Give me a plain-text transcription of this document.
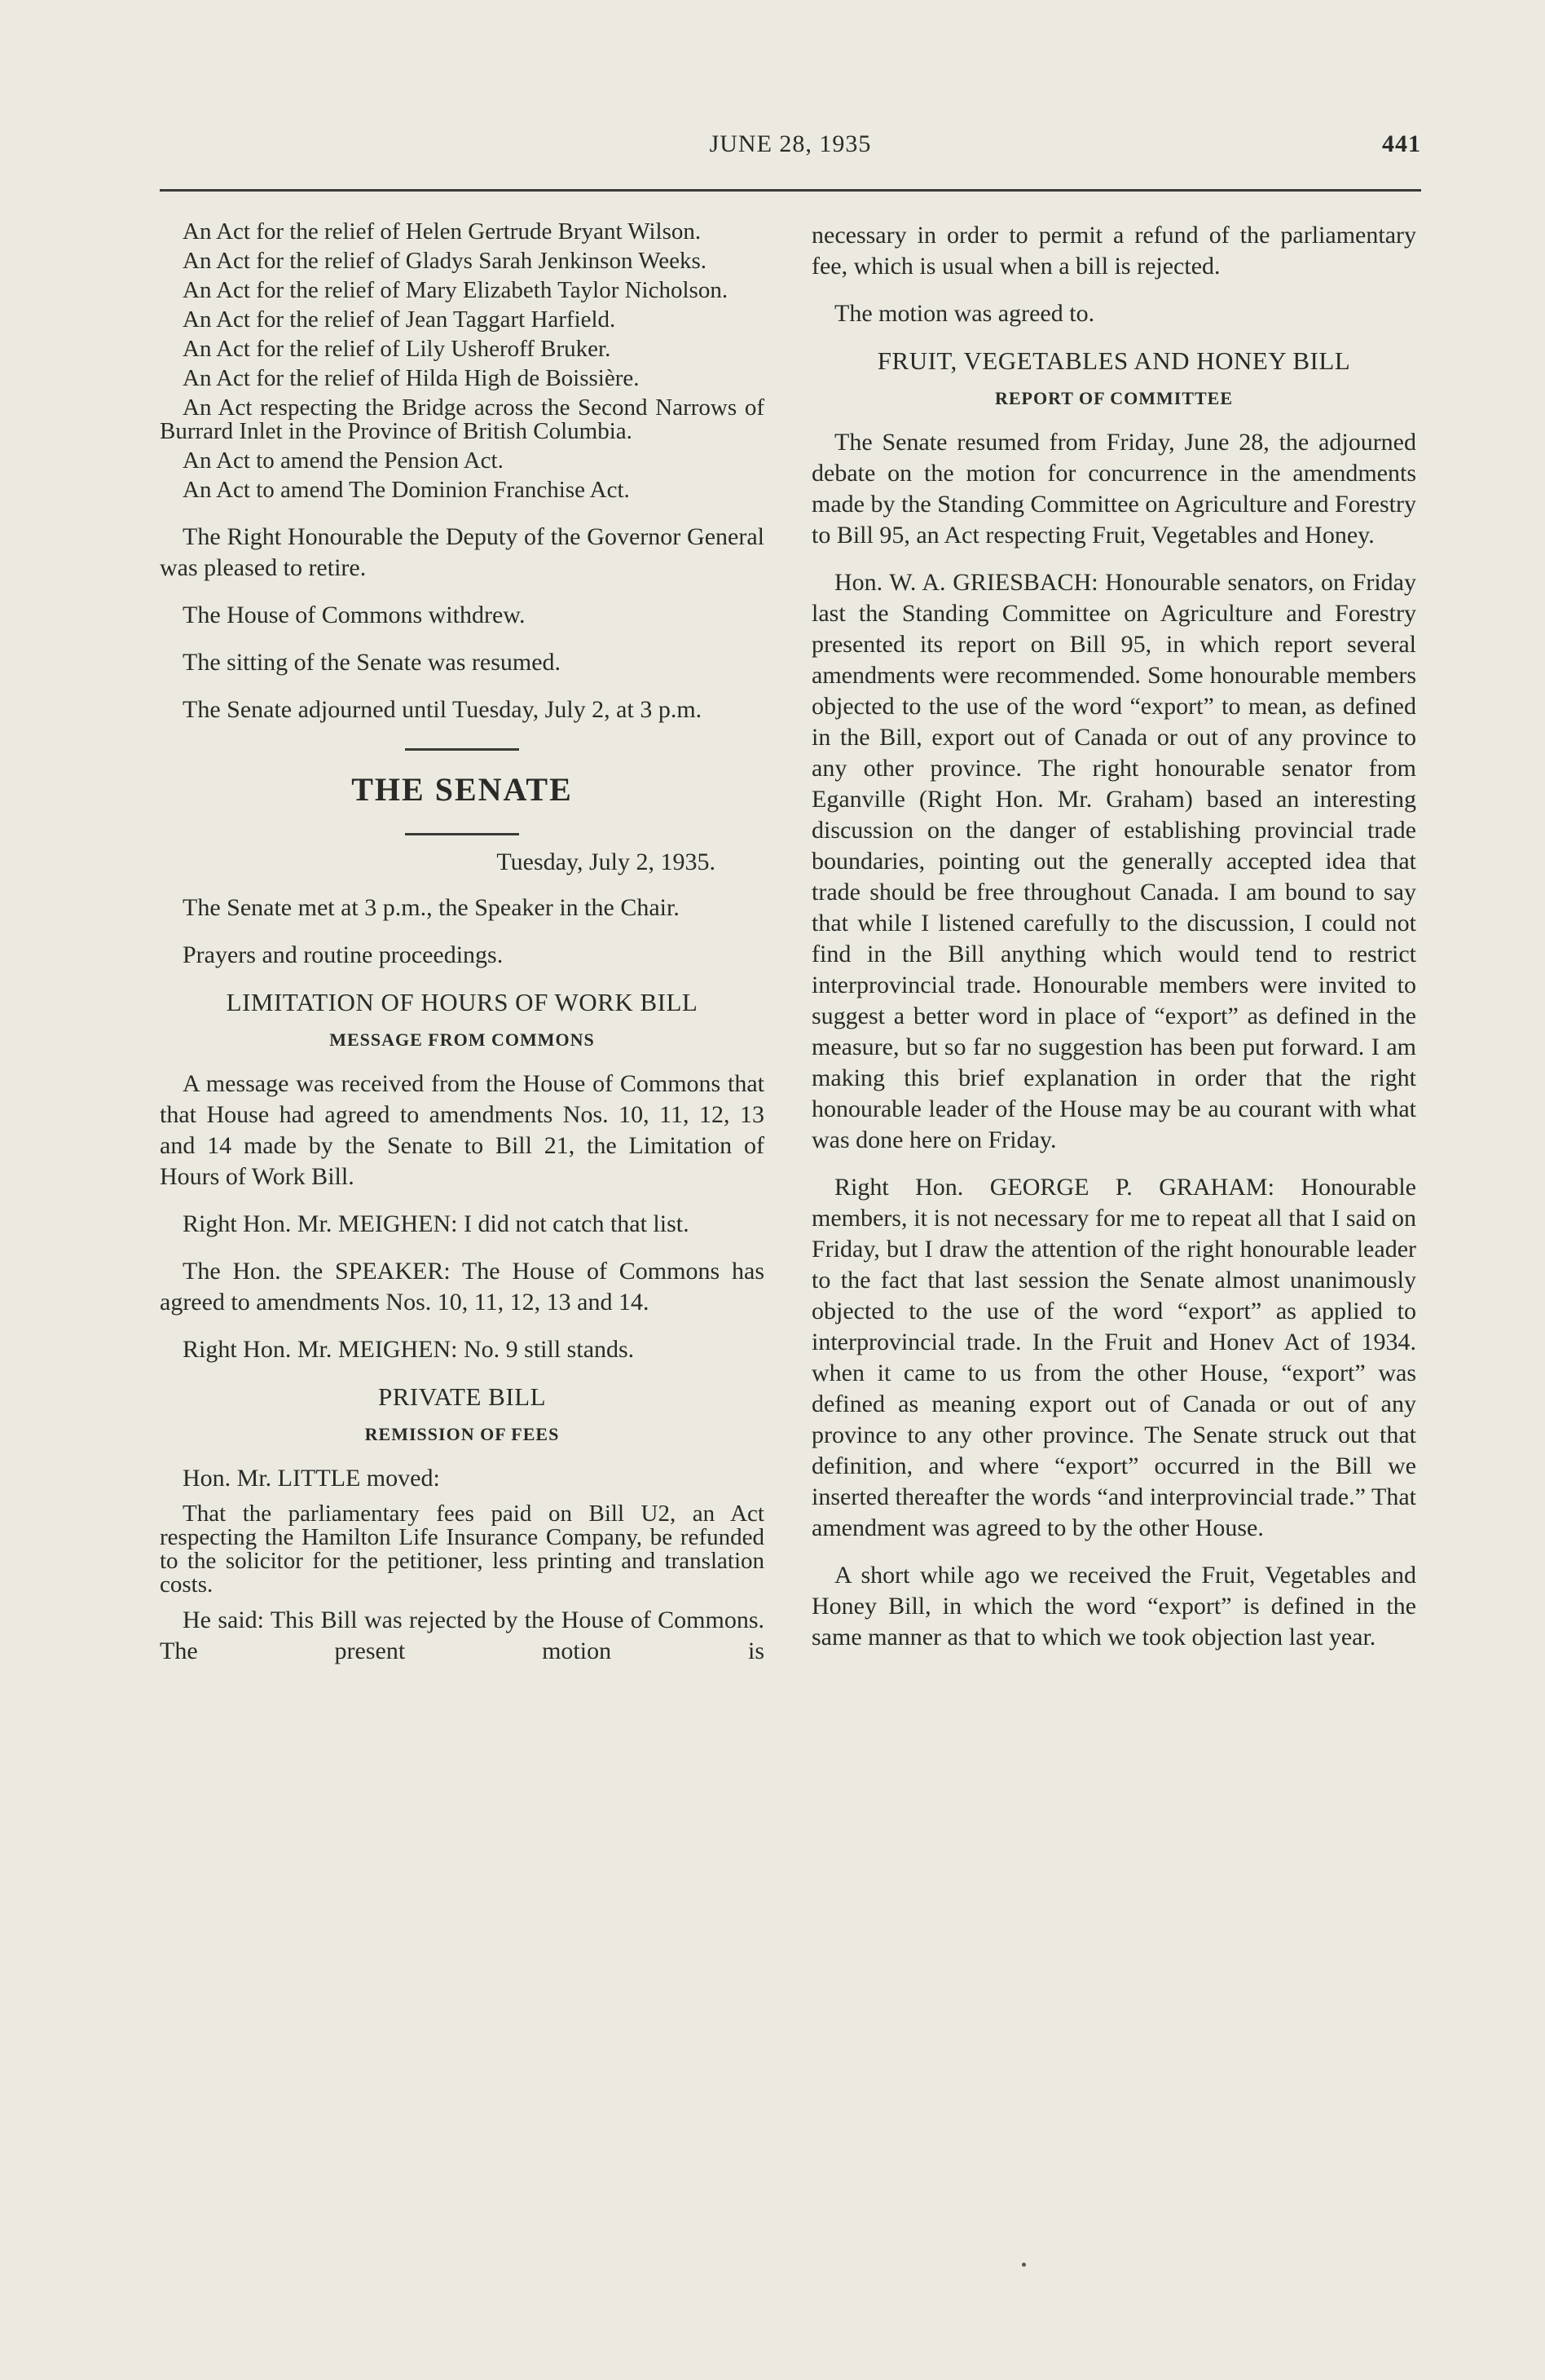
JUNE 28, 1935	441

An Act for the relief of Helen Gertrude Bryant Wilson.

An Act for the relief of Gladys Sarah Jenkinson Weeks.

An Act for the relief of Mary Elizabeth Taylor Nicholson.

An Act for the relief of Jean Taggart Harfield.

An Act for the relief of Lily Usheroff Bruker.

An Act for the relief of Hilda High de Boissière.

An Act respecting the Bridge across the Second Narrows of Burrard Inlet in the Province of British Columbia.

An Act to amend the Pension Act.

An Act to amend The Dominion Franchise Act.

The Right Honourable the Deputy of the Governor General was pleased to retire.

The House of Commons withdrew.

The sitting of the Senate was resumed.

The Senate adjourned until Tuesday, July 2, at 3 p.m.

THE SENATE
Tuesday, July 2, 1935.

The Senate met at 3 p.m., the Speaker in the Chair.

Prayers and routine proceedings.

LIMITATION OF HOURS OF WORK BILL
MESSAGE FROM COMMONS

A message was received from the House of Commons that that House had agreed to amendments Nos. 10, 11, 12, 13 and 14 made by the Senate to Bill 21, the Limitation of Hours of Work Bill.

Right Hon. Mr. MEIGHEN: I did not catch that list.

The Hon. the SPEAKER: The House of Commons has agreed to amendments Nos. 10, 11, 12, 13 and 14.

Right Hon. Mr. MEIGHEN: No. 9 still stands.

PRIVATE BILL
REMISSION OF FEES

Hon. Mr. LITTLE moved:

That the parliamentary fees paid on Bill U2, an Act respecting the Hamilton Life Insurance Company, be refunded to the solicitor for the petitioner, less printing and translation costs.

He said: This Bill was rejected by the House of Commons. The present motion is

necessary in order to permit a refund of the parliamentary fee, which is usual when a bill is rejected.

The motion was agreed to.

FRUIT, VEGETABLES AND HONEY BILL
REPORT OF COMMITTEE

The Senate resumed from Friday, June 28, the adjourned debate on the motion for concurrence in the amendments made by the Standing Committee on Agriculture and Forestry to Bill 95, an Act respecting Fruit, Vegetables and Honey.

Hon. W. A. GRIESBACH: Honourable senators, on Friday last the Standing Committee on Agriculture and Forestry presented its report on Bill 95, in which report several amendments were recommended. Some honourable members objected to the use of the word “export” to mean, as defined in the Bill, export out of Canada or out of any province to any other province. The right honourable senator from Eganville (Right Hon. Mr. Graham) based an interesting discussion on the danger of establishing provincial trade boundaries, pointing out the generally accepted idea that trade should be free throughout Canada. I am bound to say that while I listened carefully to the discussion, I could not find in the Bill anything which would tend to restrict interprovincial trade. Honourable members were invited to suggest a better word in place of “export” as defined in the measure, but so far no suggestion has been put forward. I am making this brief explanation in order that the right honourable leader of the House may be au courant with what was done here on Friday.

Right Hon. GEORGE P. GRAHAM: Honourable members, it is not necessary for me to repeat all that I said on Friday, but I draw the attention of the right honourable leader to the fact that last session the Senate almost unanimously objected to the use of the word “export” as applied to interprovincial trade. In the Fruit and Honev Act of 1934. when it came to us from the other House, “export” was defined as meaning export out of Canada or out of any province to any other province. The Senate struck out that definition, and where “export” occurred in the Bill we inserted thereafter the words “and interprovincial trade.” That amendment was agreed to by the other House.

A short while ago we received the Fruit, Vegetables and Honey Bill, in which the word “export” is defined in the same manner as that to which we took objection last year.
